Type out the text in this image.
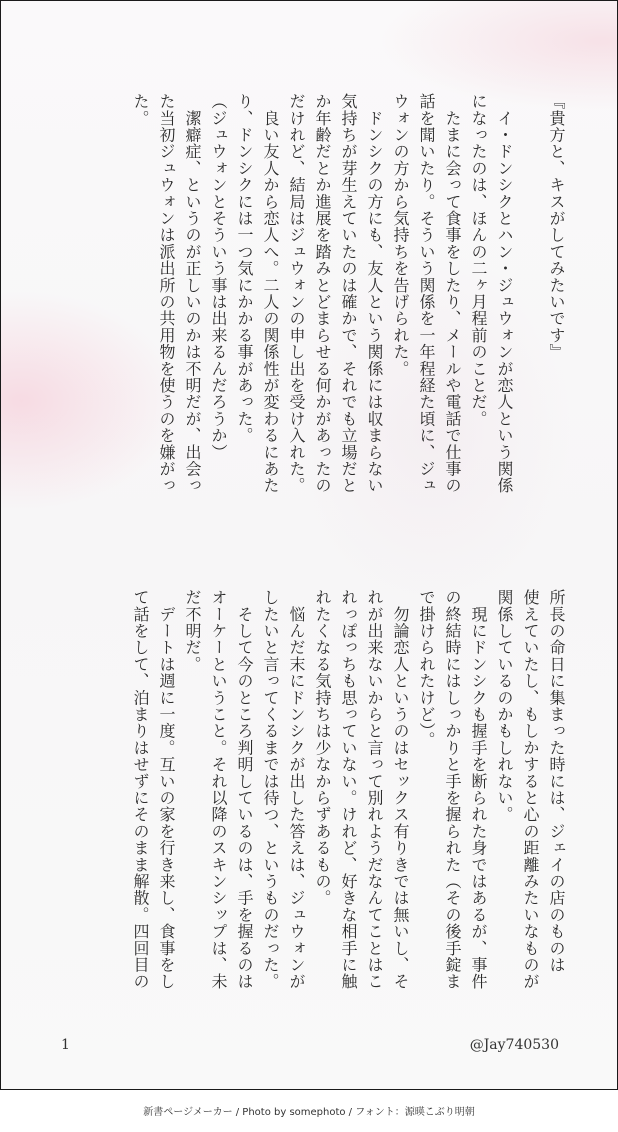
『貴方と、キスがしてみたいです』

　イ・ドンシクとハン・ジュウォンが恋人という関係
になったのは、ほんの二ヶ月程前のことだ。
　たまに会って食事をしたり、メールや電話で仕事の
話を聞いたり。そういう関係を一年程経た頃に、ジュ
ウォンの方から気持ちを告げられた。
　ドンシクの方にも、友人という関係には収まらない
気持ちが芽生えていたのは確かで、それでも立場だと
か年齢だとか進展を踏みとどまらせる何かがあったの
だけれど、結局はジュウォンの申し出を受け入れた。
　良い友人から恋人へ。二人の関係性が変わるにあた
り、ドンシクには一つ気にかかる事があった。
（ジュウォンとそういう事は出来るんだろうか）
　潔癖症、というのが正しいのかは不明だが、出会っ
た当初ジュウォンは派出所の共用物を使うのを嫌がっ
た。
所長の命日に集まった時には、ジェイの店のものは
使えていたし、もしかすると心の距離みたいなものが
関係しているのかもしれない。
　現にドンシクも握手を断られた身ではあるが、事件
の終結時にはしっかりと手を握られた（その後手錠ま
で掛けられたけど）。
　勿論恋人というのはセックス有りきでは無いし、そ
れが出来ないからと言って別れようだなんてことはこ
れっぽっちも思っていない。けれど、好きな相手に触
れたくなる気持ちは少なからずあるもの。
　悩んだ末にドンシクが出した答えは、ジュウォンが
したいと言ってくるまでは待つ、というものだった。
　そして今のところ判明しているのは、手を握るのは
オーケーということ。それ以降のスキンシップは、未
だ不明だ。
　デートは週に一度。互いの家を行き来し、食事をし
て話をして、泊まりはせずにそのまま解散。四回目の
1	@Jay740530
新書ページメーカー / Photo by somephoto / フォント：源暎こぶり明朝
